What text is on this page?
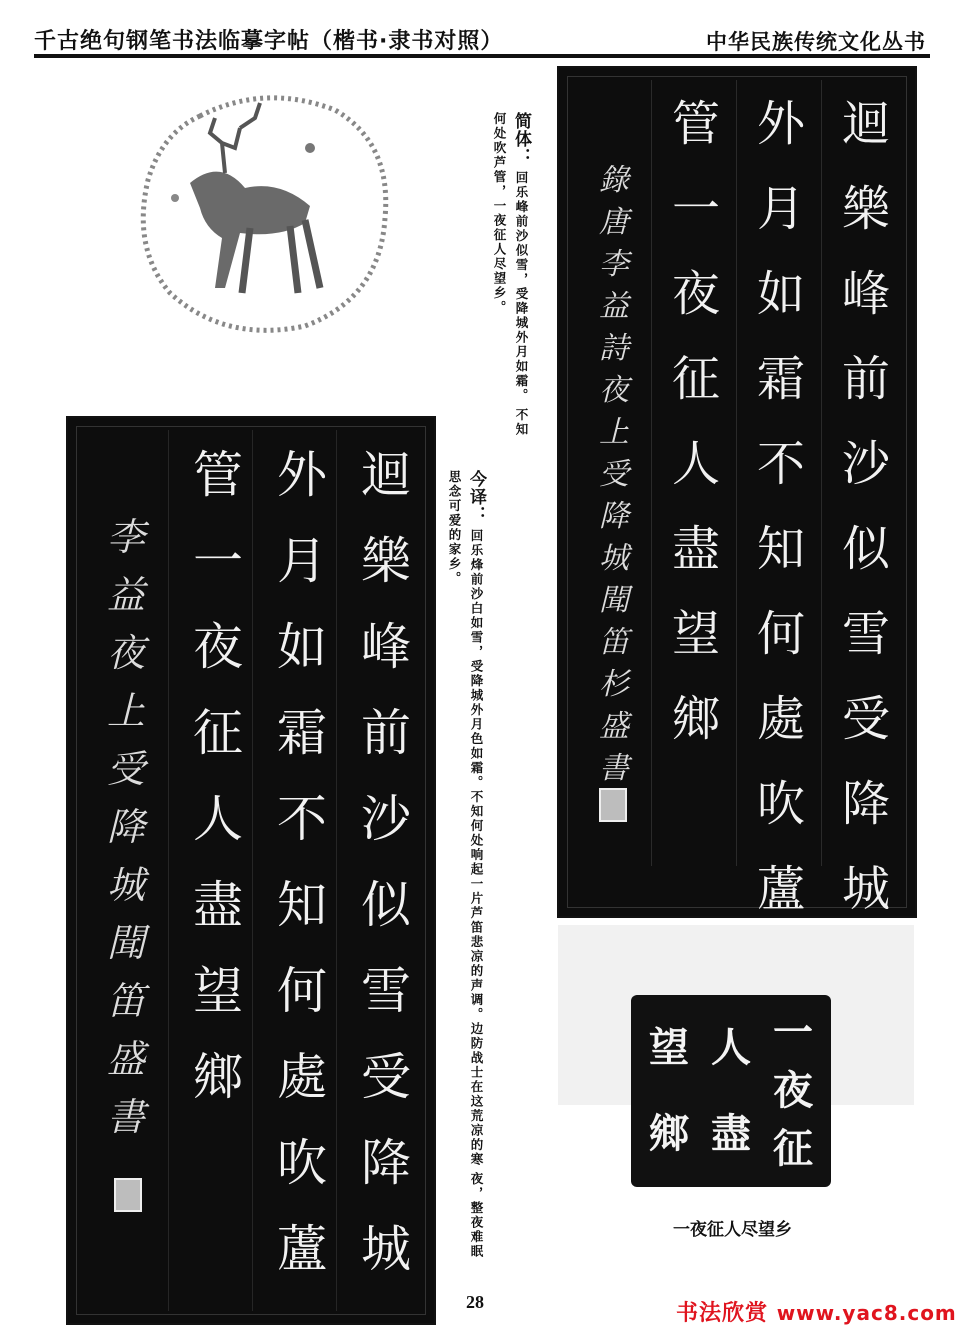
千古绝句钢笔书法临摹字帖（楷书·隶书对照）	中华民族传统文化丛书
迴
樂
峰
前
沙
似
雪
受
降
城
外
月
如
霜
不
知
何
處
吹
蘆
管
一
夜
征
人
盡
望
鄉
錄
唐
李
益
詩
夜
上
受
降
城
聞
笛
杉
盛
書
简体： 回乐峰前沙似雪，受降城外月如霜。 不知何处吹芦管，一夜征人尽望乡。
今译： 回乐烽前沙白如雪，受降城外月色如霜。不知何处响起一片芦笛悲凉的声调。边防战士在这荒凉的寒 夜，整夜难眠思念可爱的家乡。
迴
樂
峰
前
沙
似
雪
受
降
城
外
月
如
霜
不
知
何
處
吹
蘆
管
一
夜
征
人
盡
望
鄉
李
益
夜
上
受
降
城
聞
笛
盛
書
一
夜
征
人
盡
望
鄉
一夜征人尽望乡
28	书法欣赏 www.yac8.com
